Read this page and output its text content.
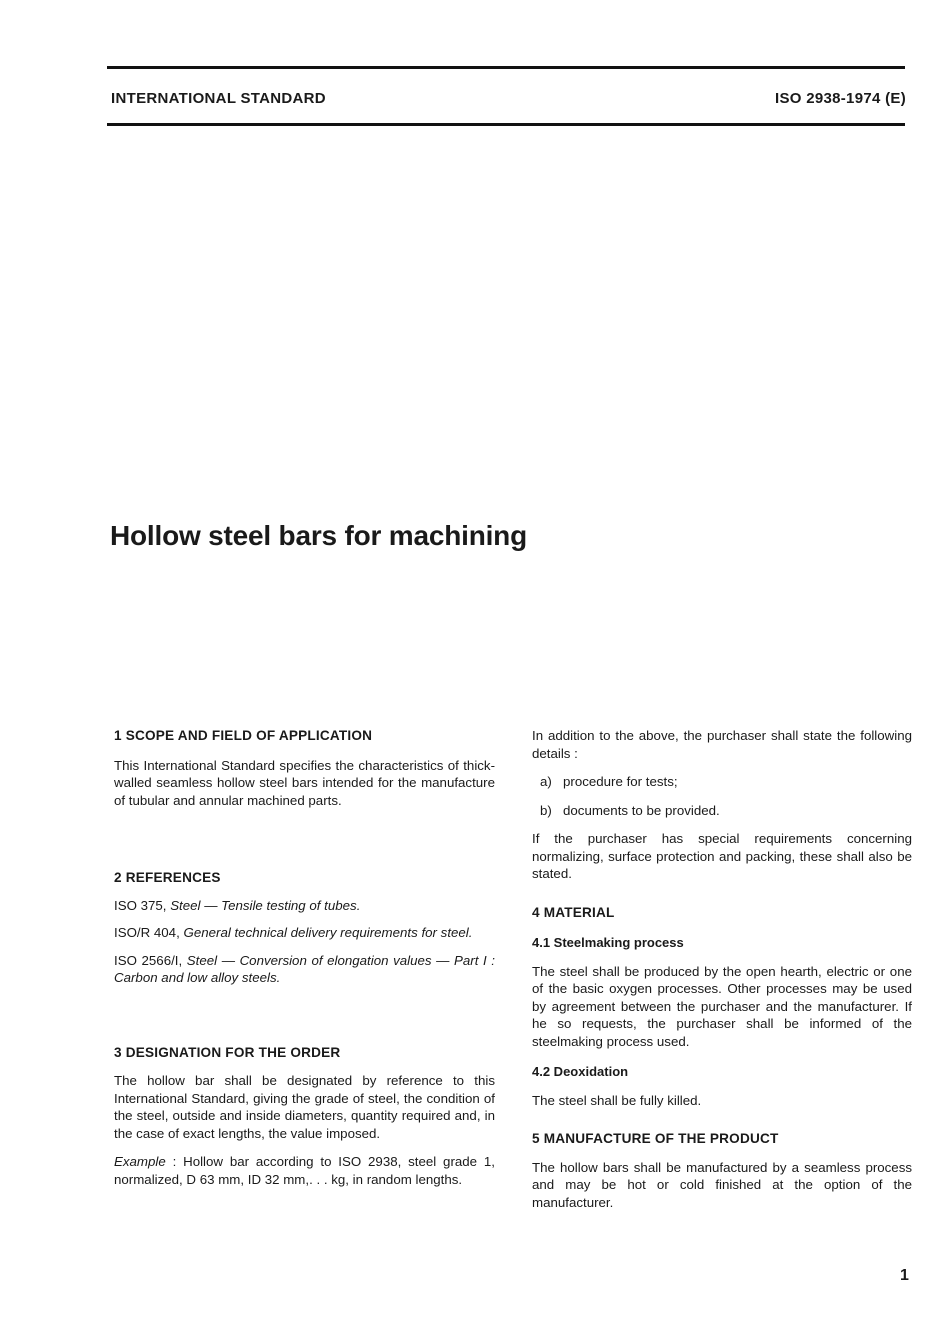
INTERNATIONAL STANDARD	ISO 2938-1974 (E)
Hollow steel bars for machining
1 SCOPE AND FIELD OF APPLICATION

This International Standard specifies the characteristics of thick-walled seamless hollow steel bars intended for the manufacture of tubular and annular machined parts.

2 REFERENCES

ISO 375, Steel — Tensile testing of tubes.

ISO/R 404, General technical delivery requirements for steel.

ISO 2566/I, Steel — Conversion of elongation values — Part I : Carbon and low alloy steels.

3 DESIGNATION FOR THE ORDER

The hollow bar shall be designated by reference to this International Standard, giving the grade of steel, the condition of the steel, outside and inside diameters, quantity required and, in the case of exact lengths, the value imposed.

Example : Hollow bar according to ISO 2938, steel grade 1, normalized, D 63 mm, ID 32 mm,. . . kg, in random lengths.

In addition to the above, the purchaser shall state the following details :

a) procedure for tests;
b) documents to be provided.

If the purchaser has special requirements concerning normalizing, surface protection and packing, these shall also be stated.

4 MATERIAL
4.1 Steelmaking process

The steel shall be produced by the open hearth, electric or one of the basic oxygen processes. Other processes may be used by agreement between the purchaser and the manufacturer. If he so requests, the purchaser shall be informed of the steelmaking process used.

4.2 Deoxidation

The steel shall be fully killed.

5 MANUFACTURE OF THE PRODUCT

The hollow bars shall be manufactured by a seamless process and may be hot or cold finished at the option of the manufacturer.

1
